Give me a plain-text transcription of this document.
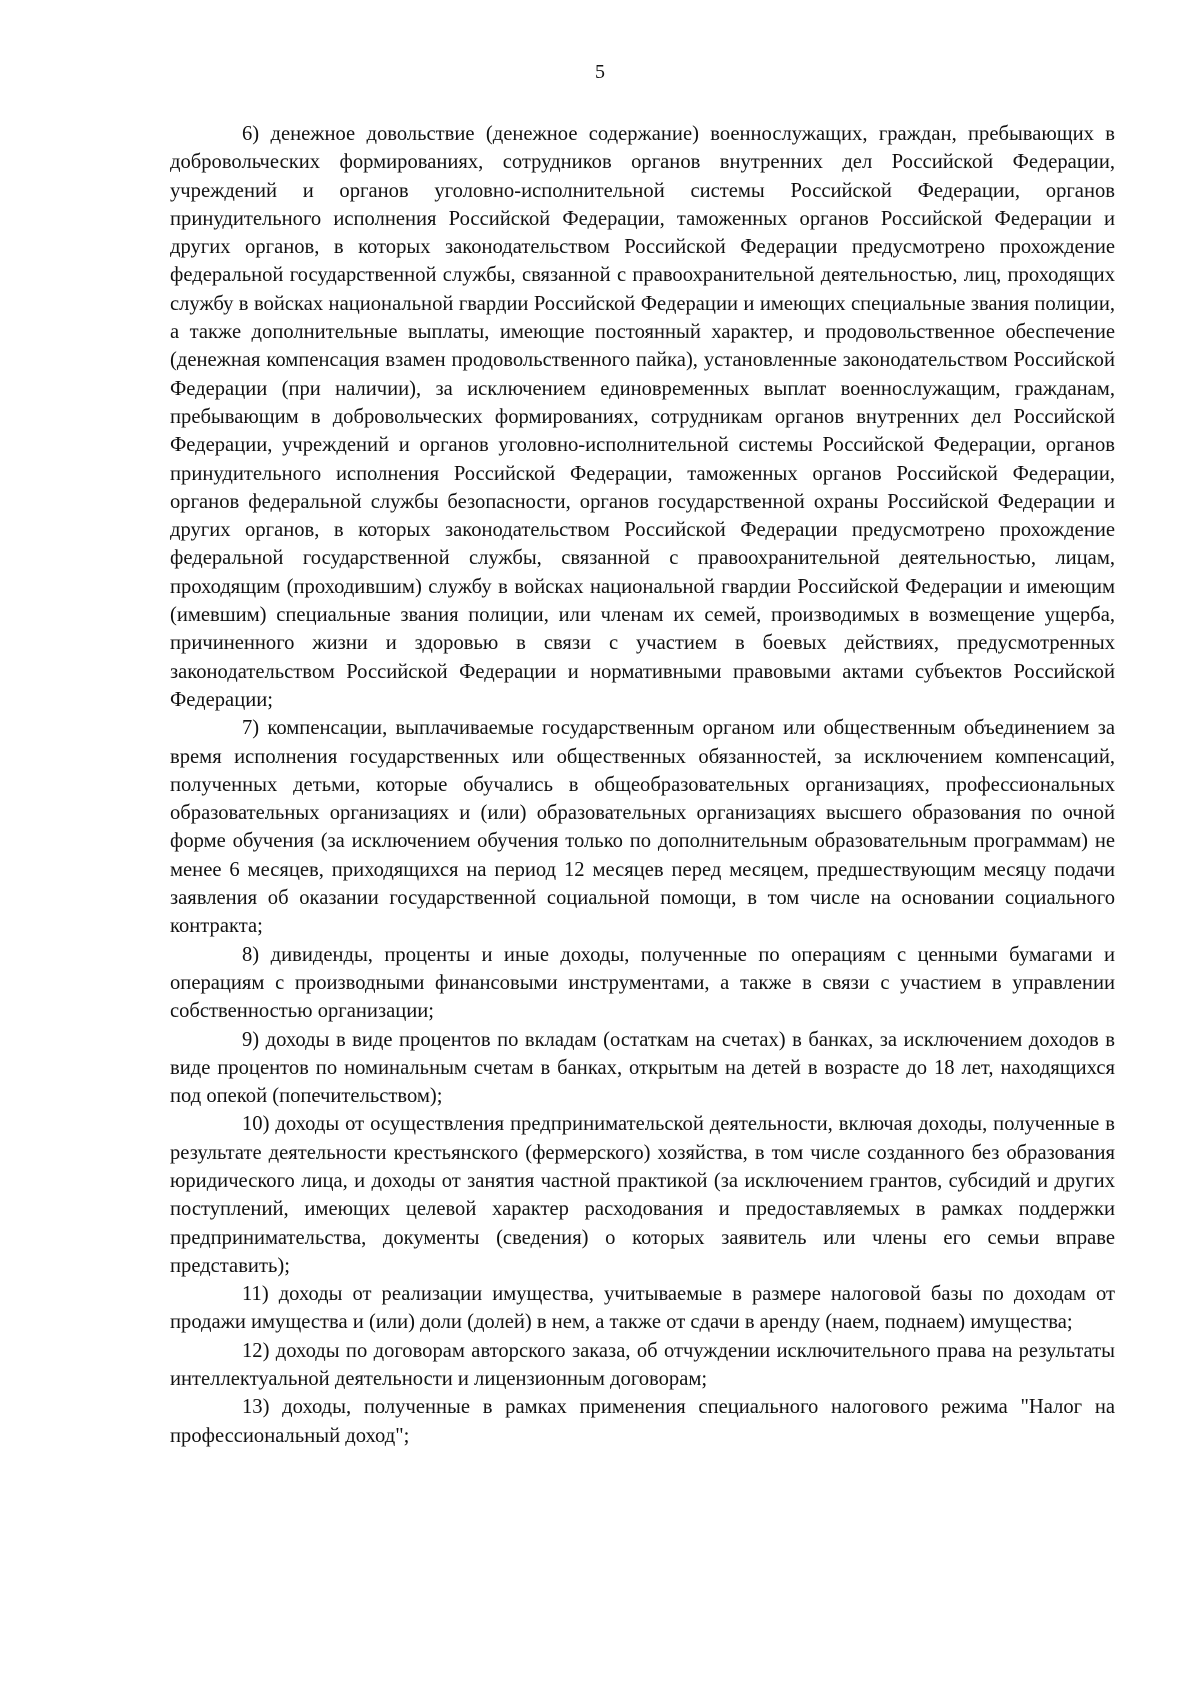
5

6) денежное довольствие (денежное содержание) военнослужащих, граждан, пребывающих в добровольческих формированиях, сотрудников органов внутренних дел Российской Федерации, учреждений и органов уголовно-исполнительной системы Российской Федерации, органов принудительного исполнения Российской Федерации, таможенных органов Российской Федерации и других органов, в которых законодательством Российской Федерации предусмотрено прохождение федеральной государственной службы, связанной с правоохранительной деятельностью, лиц, проходящих службу в войсках национальной гвардии Российской Федерации и имеющих специальные звания полиции, а также дополнительные выплаты, имеющие постоянный характер, и продовольственное обеспечение (денежная компенсация взамен продовольственного пайка), установленные законодательством Российской Федерации (при наличии), за исключением единовременных выплат военнослужащим, гражданам, пребывающим в добровольческих формированиях, сотрудникам органов внутренних дел Российской Федерации, учреждений и органов уголовно-исполнительной системы Российской Федерации, органов принудительного исполнения Российской Федерации, таможенных органов Российской Федерации, органов федеральной службы безопасности, органов государственной охраны Российской Федерации и других органов, в которых законодательством Российской Федерации предусмотрено прохождение федеральной государственной службы, связанной с правоохранительной деятельностью, лицам, проходящим (проходившим) службу в войсках национальной гвардии Российской Федерации и имеющим (имевшим) специальные звания полиции, или членам их семей, производимых в возмещение ущерба, причиненного жизни и здоровью в связи с участием в боевых действиях, предусмотренных законодательством Российской Федерации и нормативными правовыми актами субъектов Российской Федерации;

7) компенсации, выплачиваемые государственным органом или общественным объединением за время исполнения государственных или общественных обязанностей, за исключением компенсаций, полученных детьми, которые обучались в общеобразовательных организациях, профессиональных образовательных организациях и (или) образовательных организациях высшего образования по очной форме обучения (за исключением обучения только по дополнительным образовательным программам) не менее 6 месяцев, приходящихся на период 12 месяцев перед месяцем, предшествующим месяцу подачи заявления об оказании государственной социальной помощи, в том числе на основании социального контракта;

8) дивиденды, проценты и иные доходы, полученные по операциям с ценными бумагами и операциям с производными финансовыми инструментами, а также в связи с участием в управлении собственностью организации;

9) доходы в виде процентов по вкладам (остаткам на счетах) в банках, за исключением доходов в виде процентов по номинальным счетам в банках, открытым на детей в возрасте до 18 лет, находящихся под опекой (попечительством);

10) доходы от осуществления предпринимательской деятельности, включая доходы, полученные в результате деятельности крестьянского (фермерского) хозяйства, в том числе созданного без образования юридического лица, и доходы от занятия частной практикой (за исключением грантов, субсидий и других поступлений, имеющих целевой характер расходования и предоставляемых в рамках поддержки предпринимательства, документы (сведения) о которых заявитель или члены его семьи вправе представить);

11) доходы от реализации имущества, учитываемые в размере налоговой базы по доходам от продажи имущества и (или) доли (долей) в нем, а также от сдачи в аренду (наем, поднаем) имущества;

12) доходы по договорам авторского заказа, об отчуждении исключительного права на результаты интеллектуальной деятельности и лицензионным договорам;

13) доходы, полученные в рамках применения специального налогового режима "Налог на профессиональный доход";
